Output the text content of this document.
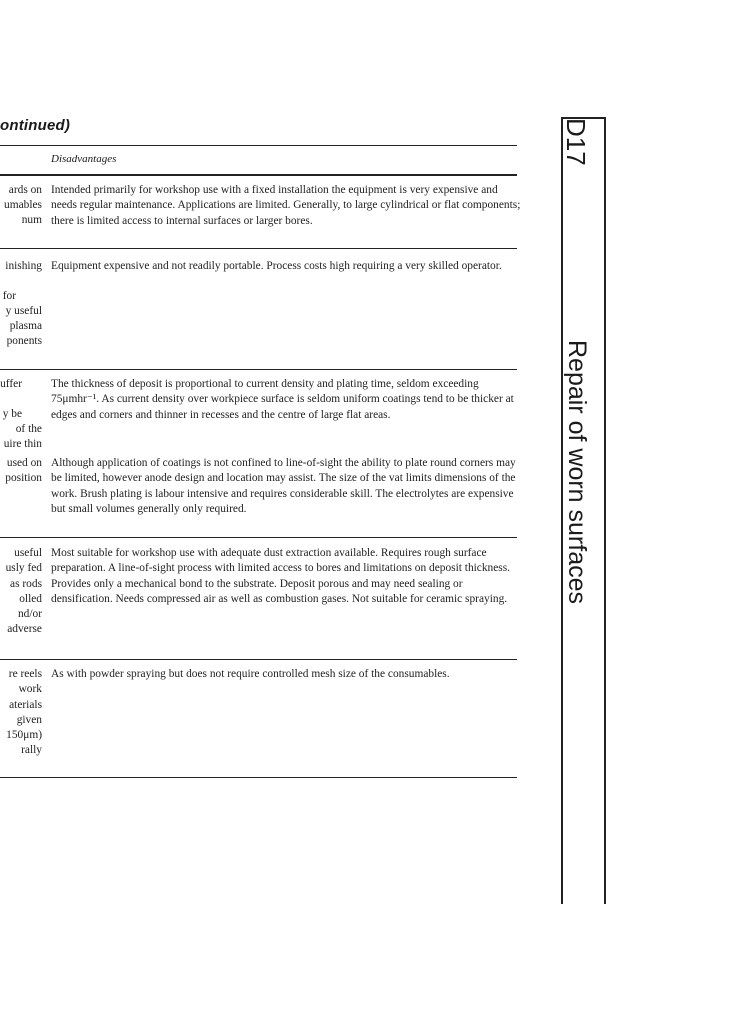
ontinued)
Disadvantages
ards on
umables
num
Intended primarily for workshop use with a fixed installation the equipment is very expensive and needs regular maintenance. Applications are limited. Generally, to large cylindrical or flat components; there is limited access to internal surfaces or larger bores.
inishing
for
y useful
plasma
ponents
Equipment expensive and not readily portable. Process costs high requiring a very skilled operator.
uffer
y be
of the
uire thin
used on
position
The thickness of deposit is proportional to current density and plating time, seldom exceeding 75μmhr⁻¹. As current density over workpiece surface is seldom uniform coatings tend to be thicker at edges and corners and thinner in recesses and the centre of large flat areas.
Although application of coatings is not confined to line-of-sight the ability to plate round corners may be limited, however anode design and location may assist. The size of the vat limits dimensions of the work. Brush plating is labour intensive and requires considerable skill. The electrolytes are expensive but small volumes generally only required.
useful
usly fed
as rods
olled
nd/or
adverse
Most suitable for workshop use with adequate dust extraction available. Requires rough surface preparation. A line-of-sight process with limited access to bores and limitations on deposit thickness. Provides only a mechanical bond to the substrate. Deposit porous and may need sealing or densification. Needs compressed air as well as combustion gases. Not suitable for ceramic spraying.
re reels
work
aterials
given
150μm)
rally
As with powder spraying but does not require controlled mesh size of the consumables.
D17
Repair of worn surfaces
